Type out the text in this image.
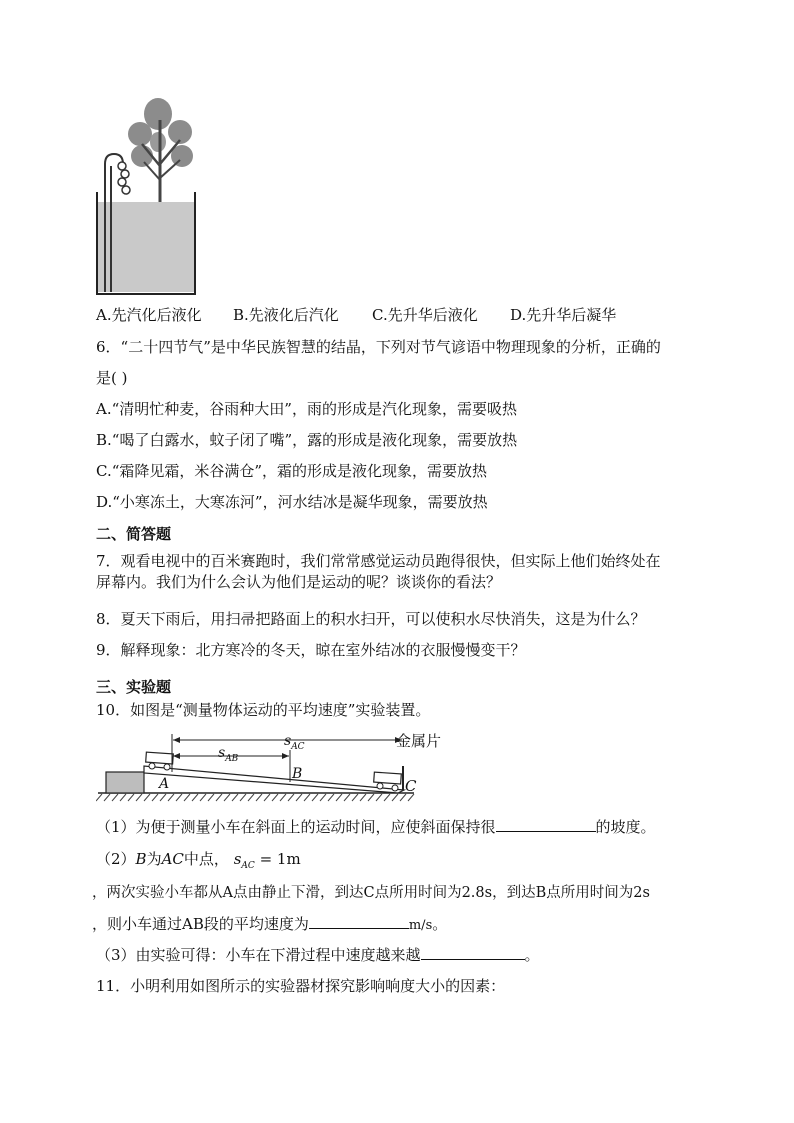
A.先汽化后液化 B.先液化后汽化 C.先升华后液化 D.先升华后凝华
6．“二十四节气”是中华民族智慧的结晶，下列对节气谚语中物理现象的分析，正确的
是( )
A.“清明忙种麦，谷雨种大田”，雨的形成是汽化现象，需要吸热
B.“喝了白露水，蚊子闭了嘴”，露的形成是液化现象，需要放热
C.“霜降见霜，米谷满仓”，霜的形成是液化现象，需要放热
D.“小寒冻土，大寒冻河”，河水结冰是凝华现象，需要放热
二、简答题
7．观看电视中的百米赛跑时，我们常常感觉运动员跑得很快，但实际上他们始终处在
屏幕内。我们为什么会认为他们是运动的呢？谈谈你的看法？
8．夏天下雨后，用扫帚把路面上的积水扫开，可以使积水尽快消失，这是为什么？
9．解释现象：北方寒冷的冬天，晾在室外结冰的衣服慢慢变干？
三、实验题
10．如图是“测量物体运动的平均速度”实验装置。
金属片
$s_{AC}$
$s_{AB}$
A
B
C
（1）为便于测量小车在斜面上的运动时间，应使斜面保持很	的坡度。
（2）B为AC中点， $s_{AC} = 1m$
，两次实验小车都从A点由静止下滑，到达C点所用时间为2.8s，到达B点所用时间为2s
，则小车通过AB段的平均速度为	m/s。
（3）由实验可得：小车在下滑过程中速度越来越	。
11．小明利用如图所示的实验器材探究影响响度大小的因素：
